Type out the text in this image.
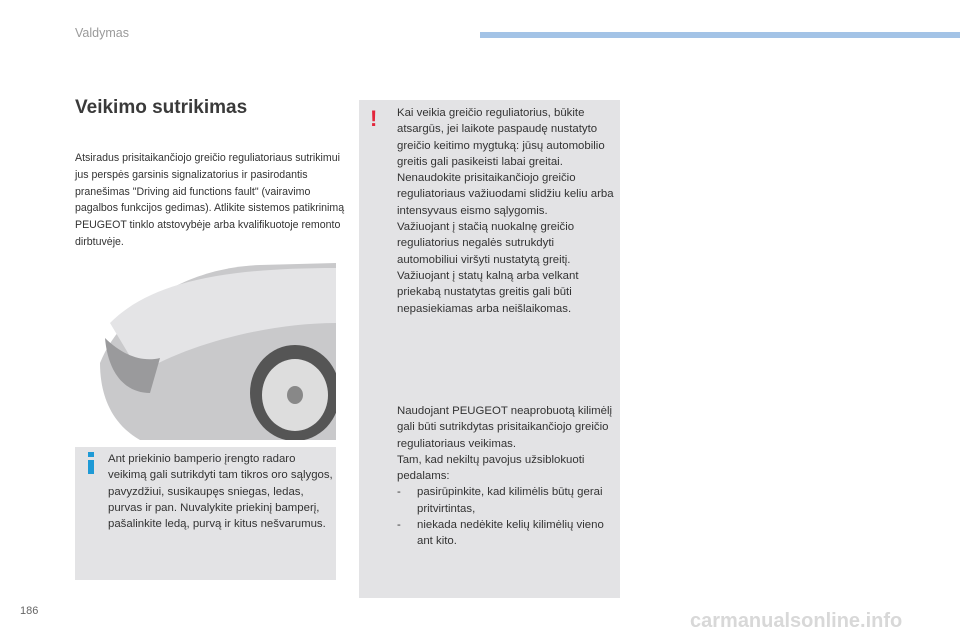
Valdymas
Veikimo sutrikimas
Atsiradus prisitaikančiojo greičio reguliatoriaus sutrikimui jus perspės garsinis signalizatorius ir pasirodantis pranešimas "Driving aid functions fault" (vairavimo pagalbos funkcijos gedimas). Atlikite sistemos patikrinimą PEUGEOT tinklo atstovybėje arba kvalifikuotoje remonto dirbtuvėje.
Ant priekinio bamperio įrengto radaro veikimą gali sutrikdyti tam tikros oro sąlygos, pavyzdžiui, susikaupęs sniegas, ledas, purvas ir pan. Nuvalykite priekinį bamperį, pašalinkite ledą, purvą ir kitus nešvarumus.
! Kai veikia greičio reguliatorius, būkite atsargūs, jei laikote paspaudę nustatyto greičio keitimo mygtuką: jūsų automobilio greitis gali pasikeisti labai greitai.
Nenaudokite prisitaikančiojo greičio reguliatoriaus važiuodami slidžiu keliu arba intensyvaus eismo sąlygomis.
Važiuojant į stačią nuokalnę greičio reguliatorius negalės sutrukdyti automobiliui viršyti nustatytą greitį.
Važiuojant į statų kalną arba velkant priekabą nustatytas greitis gali būti nepasiekiamas arba neišlaikomas.
Naudojant PEUGEOT neaprobuotą kilimėlį gali būti sutrikdytas prisitaikančiojo greičio reguliatoriaus veikimas.
Tam, kad nekiltų pavojus užsiblokuoti pedalams:
-	pasirūpinkite, kad kilimėlis būtų gerai pritvirtintas,
-	niekada nedėkite kelių kilimėlių vieno ant kito.
186	carmanualsonline.info
